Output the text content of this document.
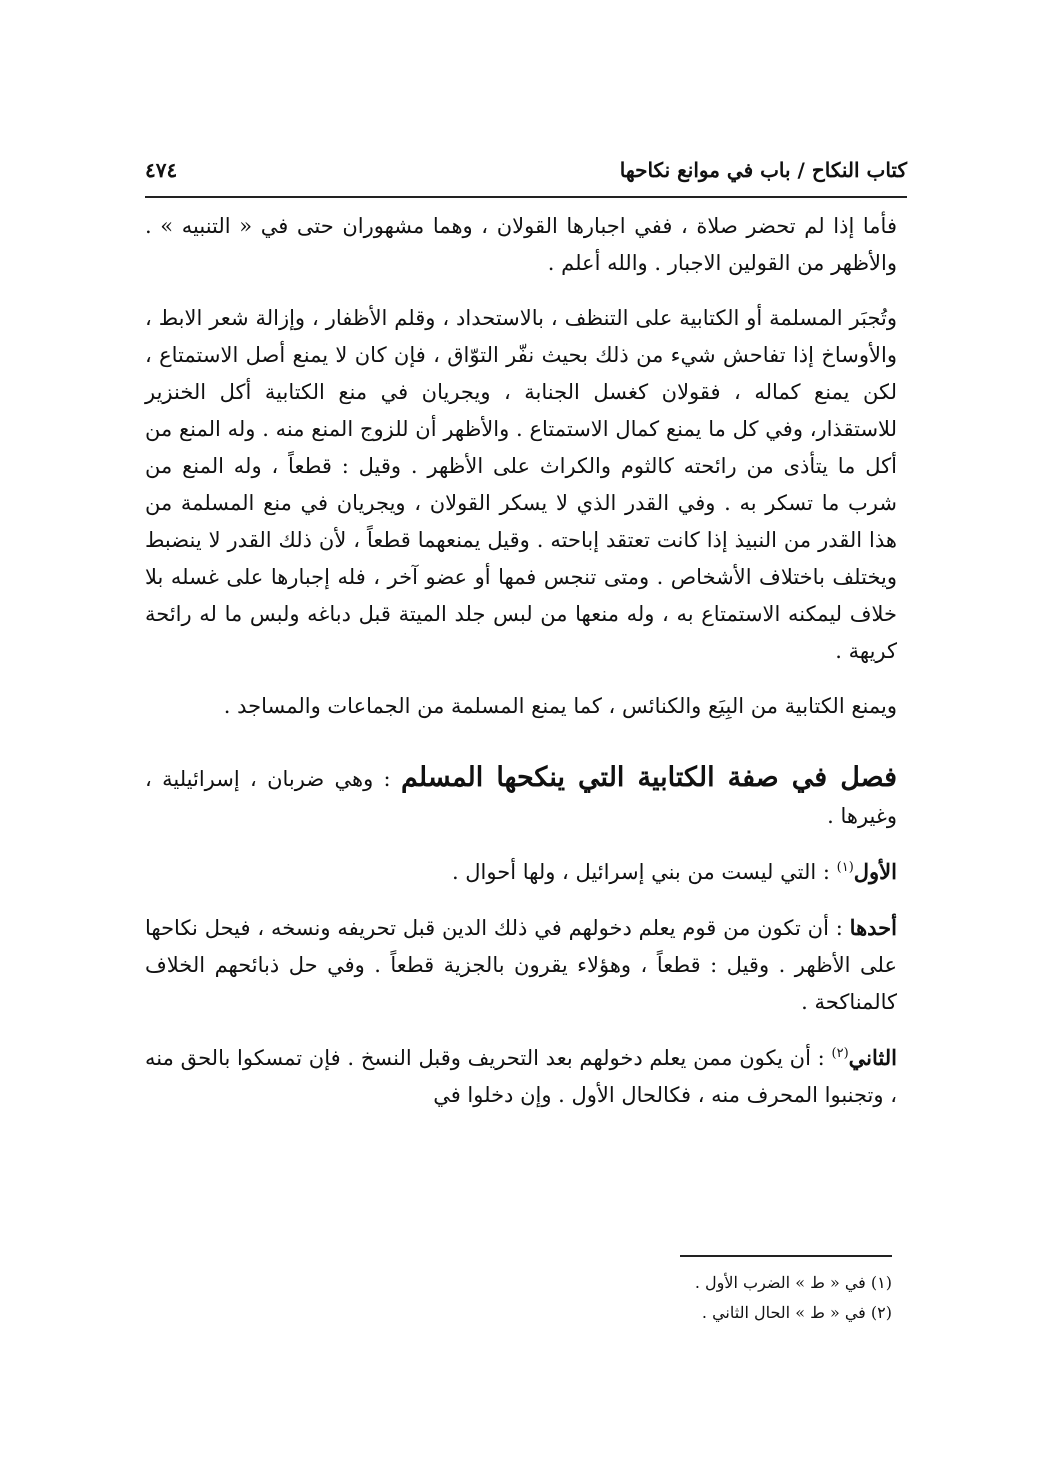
كتاب النكاح / باب في موانع نكاحها
٤٧٤

فأما إذا لم تحضر صلاة ، ففي اجبارها القولان ، وهما مشهوران حتى في « التنبيه » . والأظهر من القولين الاجبار . والله أعلم .

وتُجبَر المسلمة أو الكتابية على التنظف ، بالاستحداد ، وقلم الأظفار ، وإزالة شعر الابط ، والأوساخ إذا تفاحش شيء من ذلك بحيث نفّر التوّاق ، فإن كان لا يمنع أصل الاستمتاع ، لكن يمنع كماله ، فقولان كغسل الجنابة ، ويجريان في منع الكتابية أكل الخنزير للاستقذار، وفي كل ما يمنع كمال الاستمتاع . والأظهر أن للزوج المنع منه . وله المنع من أكل ما يتأذى من رائحته كالثوم والكراث على الأظهر . وقيل : قطعاً ، وله المنع من شرب ما تسكر به . وفي القدر الذي لا يسكر القولان ، ويجريان في منع المسلمة من هذا القدر من النبيذ إذا كانت تعتقد إباحته . وقيل يمنعهما قطعاً ، لأن ذلك القدر لا ينضبط ويختلف باختلاف الأشخاص . ومتى تنجس فمها أو عضو آخر ، فله إجبارها على غسله بلا خلاف ليمكنه الاستمتاع به ، وله منعها من لبس جلد الميتة قبل دباغه ولبس ما له رائحة كريهة .

ويمنع الكتابية من البِيَع والكنائس ، كما يمنع المسلمة من الجماعات والمساجد .

فصل في صفة الكتابية التي ينكحها المسلم : وهي ضربان ، إسرائيلية ، وغيرها .

الأول$^{(١)}$ : التي ليست من بني إسرائيل ، ولها أحوال .

أحدها : أن تكون من قوم يعلم دخولهم في ذلك الدين قبل تحريفه ونسخه ، فيحل نكاحها على الأظهر . وقيل : قطعاً ، وهؤلاء يقرون بالجزية قطعاً . وفي حل ذبائحهم الخلاف كالمناكحة .

الثاني$^{(٢)}$ : أن يكون ممن يعلم دخولهم بعد التحريف وقبل النسخ . فإن تمسكوا بالحق منه ، وتجنبوا المحرف منه ، فكالحال الأول . وإن دخلوا في

(١) في « ط » الضرب الأول .

(٢) في « ط » الحال الثاني .
